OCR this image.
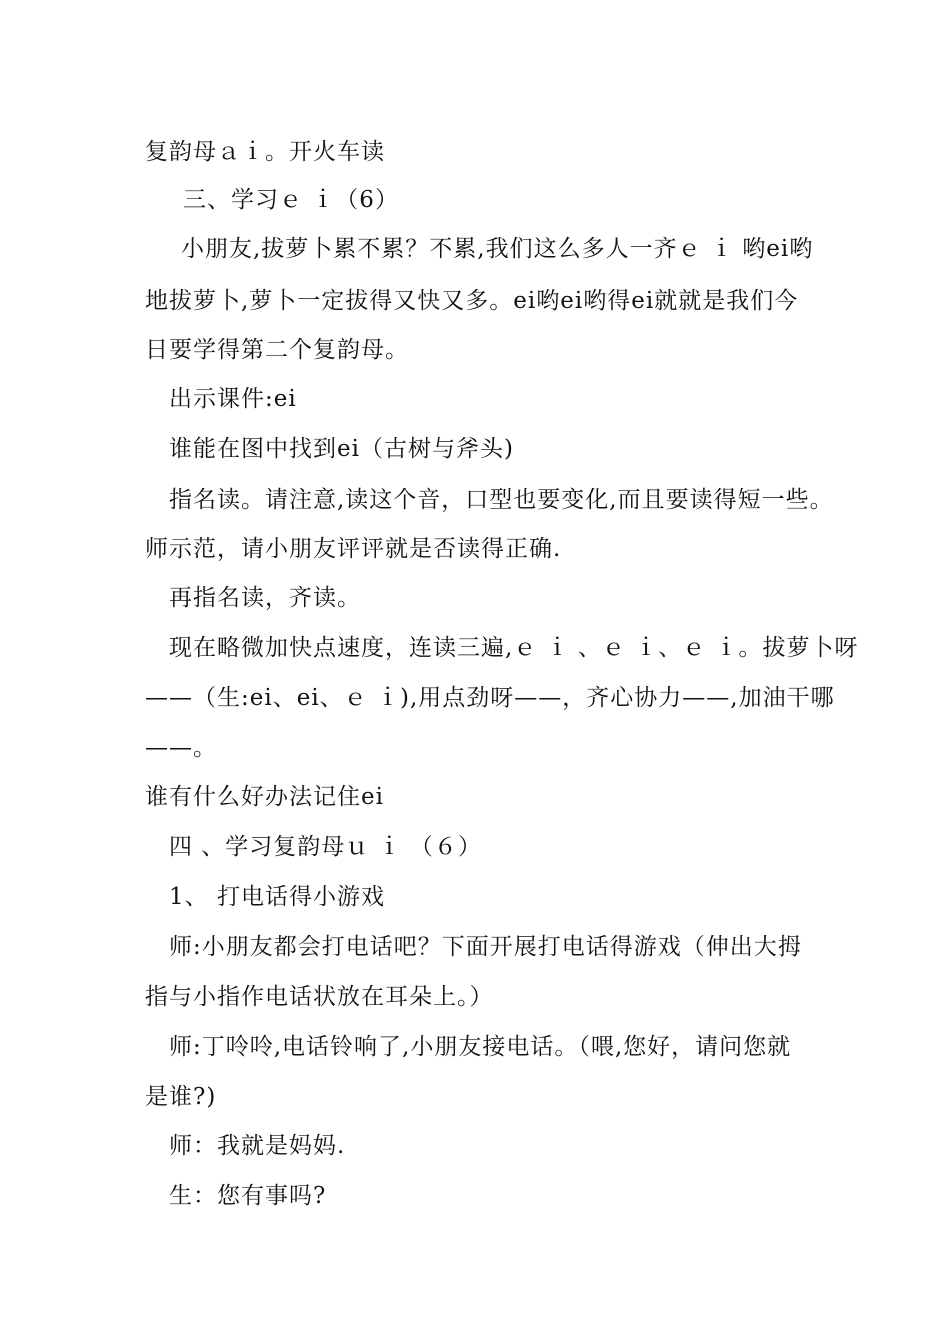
复韵母ａｉ。开火车读
三、学习ｅ ｉ（6）
小朋友,拔萝卜累不累？不累,我们这么多人一齐ｅ ｉ 哟ei哟
地拔萝卜,萝卜一定拔得又快又多。ei哟ei哟得ei就就是我们今
日要学得第二个复韵母。
出示课件:ei
谁能在图中找到ei（古树与斧头)
指名读。请注意,读这个音，口型也要变化,而且要读得短一些。
师示范，请小朋友评评就是否读得正确.
再指名读，齐读。
现在略微加快点速度，连读三遍,ｅ ｉ 、ｅ ｉ、ｅ ｉ。拔萝卜呀
——（生:ei、ei、ｅ ｉ),用点劲呀——，齐心协力——,加油干哪
——。
谁有什么好办法记住ei
四 、学习复韵母ｕ ｉ （６）
1、 打电话得小游戏
师:小朋友都会打电话吧？下面开展打电话得游戏（伸出大拇
指与小指作电话状放在耳朵上。）
师:丁呤呤,电话铃响了,小朋友接电话。（喂,您好，请问您就
是谁?)
师：我就是妈妈.
生：您有事吗?
